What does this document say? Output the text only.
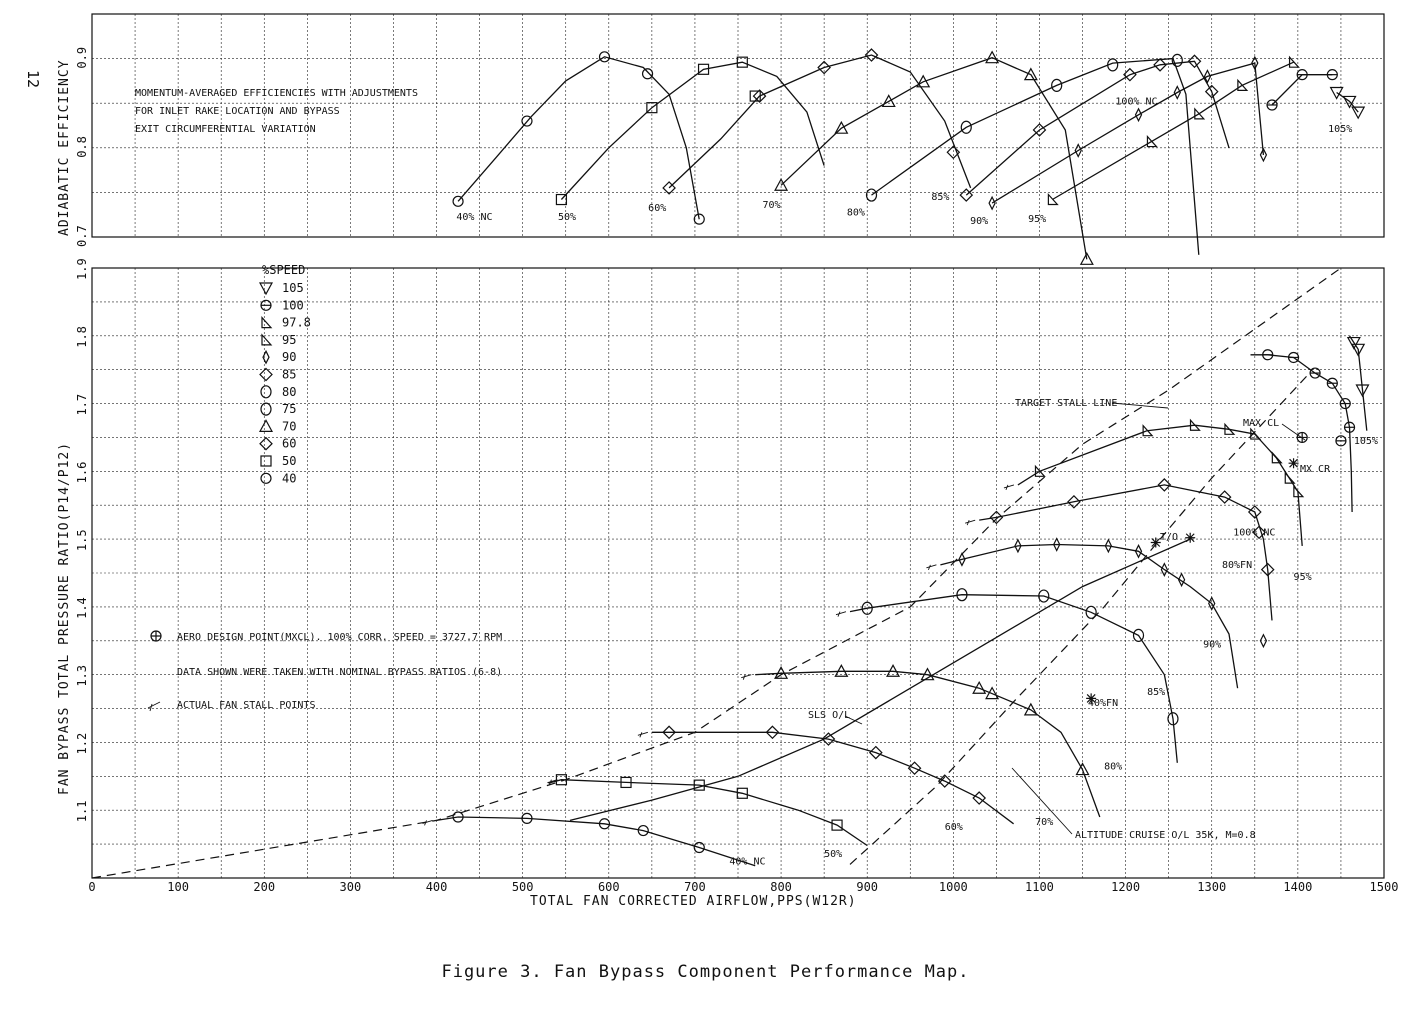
12
0.7
0.8
0.9
40% NC	50%
60%	70%
80%
85%
90%	95%
100% NC
105%
1.1
1.2
1.3
1.4
1.5
1.6
1.7
1.8
1.9
0	100	200	300	400	500	600	700	800	900	1000	1100	1200	1300	1400	1500
40% NC
50%
60%	70%
80%
85%
90%
95%
100% NC
105%
ADIABATIC EFFICIENCY
FAN BYPASS TOTAL PRESSURE RATIO(P14/P12)
TOTAL FAN CORRECTED AIRFLOW,PPS(W12R)
MOMENTUM-AVERAGED EFFICIENCIES WITH ADJUSTMENTS
FOR INLET RAKE LOCATION AND BYPASS
EXIT CIRCUMFERENTIAL VARIATION
AERO DESIGN POINT(MXCL). 100% CORR. SPEED = 3727.7 RPM
DATA SHOWN WERE TAKEN WITH NOMINAL BYPASS RATIOS (6-8)
ACTUAL FAN STALL POINTS
%SPEED
105
100
97.8
95
90
85
80
75
70
60
50
40
TARGET STALL LINE
SLS O/L
ALTITUDE CRUISE O/L 35K, M=0.8
MAX CL
MX CR
T/O
80%FN
40%FN
Figure 3. Fan Bypass Component Performance Map.
